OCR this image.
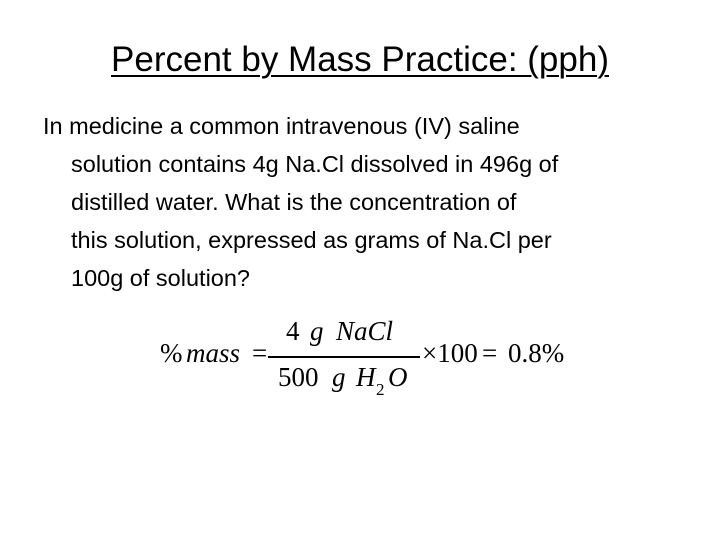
Percent by Mass Practice: (pph)
In medicine a common intravenous (IV) saline
solution contains 4g Na.Cl dissolved in 496g of
distilled water. What is the concentration of
this solution, expressed as grams of Na.Cl per
100g of solution?
% mass =
4 g NaCl
500 g H 2 O
×100 = 0.8%
